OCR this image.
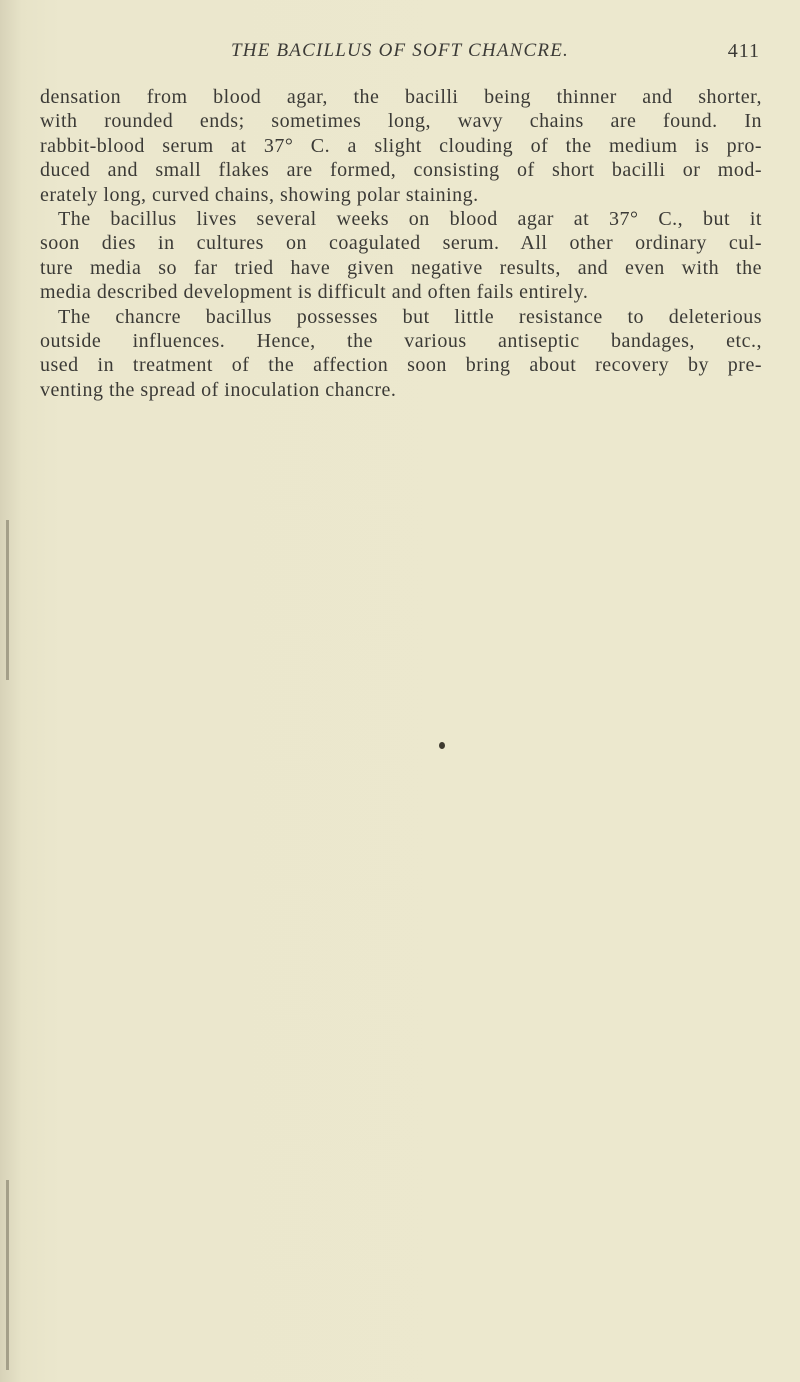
THE BACILLUS OF SOFT CHANCRE.	411
densation from blood agar, the bacilli being thinner and shorter,
with rounded ends; sometimes long, wavy chains are found. In
rabbit-blood serum at 37° C. a slight clouding of the medium is pro-
duced and small flakes are formed, consisting of short bacilli or mod-
erately long, curved chains, showing polar staining.
The bacillus lives several weeks on blood agar at 37° C., but it
soon dies in cultures on coagulated serum. All other ordinary cul-
ture media so far tried have given negative results, and even with the
media described development is difficult and often fails entirely.
The chancre bacillus possesses but little resistance to deleterious
outside influences. Hence, the various antiseptic bandages, etc.,
used in treatment of the affection soon bring about recovery by pre-
venting the spread of inoculation chancre.
